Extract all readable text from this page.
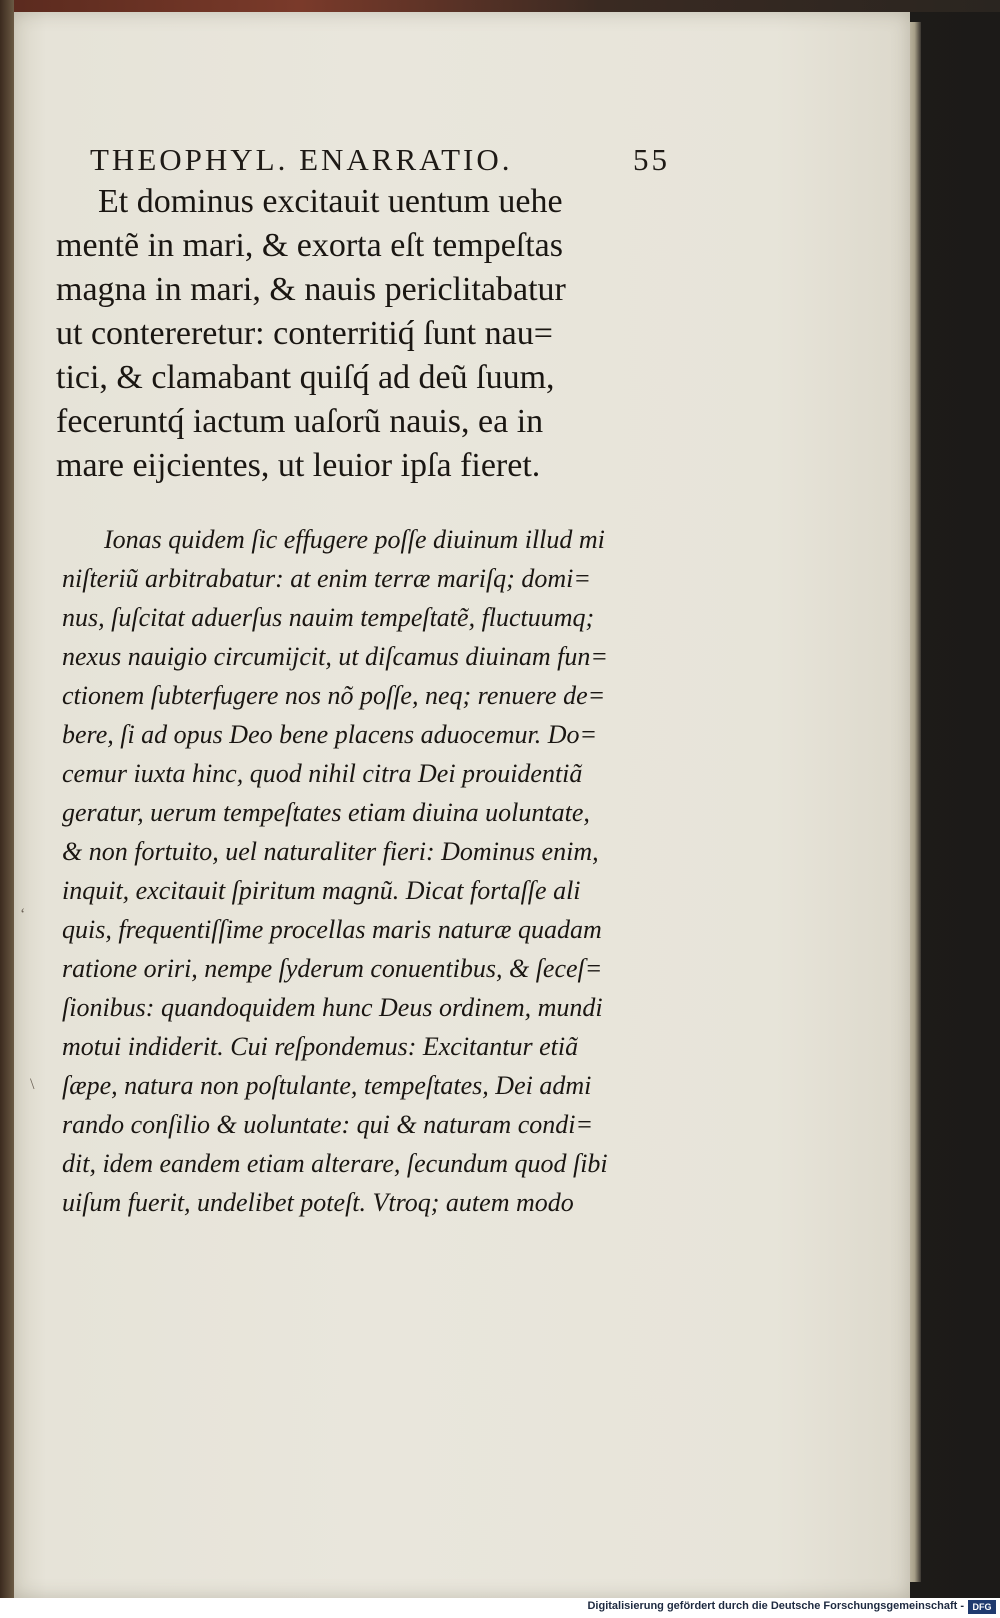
THEOPHYL. ENARRATIO.	55
Et dominus excitauit uentum uehe
mentẽ in mari, & exorta eſt tempeſtas
magna in mari, & nauis periclitabatur
ut contereretur: conterritiq́ ſunt nau=
tici, & clamabant quiſq́ ad deũ ſuum,
feceruntq́ iactum uaſorũ nauis, ea in
mare eijcientes, ut leuior ipſa fieret.
Ionas quidem ſic effugere poſſe diuinum illud mi
niſteriũ arbitrabatur: at enim terræ mariſq; domi=
nus, ſuſcitat aduerſus nauim tempeſtatẽ, fluctuumq;
nexus nauigio circumijcit, ut diſcamus diuinam fun=
ctionem ſubterfugere nos nõ poſſe, neq; renuere de=
bere, ſi ad opus Deo bene placens aduocemur. Do=
cemur iuxta hinc, quod nihil citra Dei prouidentiã
geratur, uerum tempeſtates etiam diuina uoluntate,
& non fortuito, uel naturaliter fieri: Dominus enim,
inquit, excitauit ſpiritum magnũ. Dicat fortaſſe ali
quis, frequentiſſime procellas maris naturæ quadam
ratione oriri, nempe ſyderum conuentibus, & ſeceſ=
ſionibus: quandoquidem hunc Deus ordinem, mundi
motui indiderit. Cui reſpondemus: Excitantur etiã
ſæpe, natura non poſtulante, tempeſtates, Dei admi
rando conſilio & uoluntate: qui & naturam condi=
dit, idem eandem etiam alterare, ſecundum quod ſibi
uiſum fuerit, undelibet poteſt. Vtroq; autem modo
ʻ
\
Digitalisierung gefördert durch die Deutsche Forschungsgemeinschaft - DFG
